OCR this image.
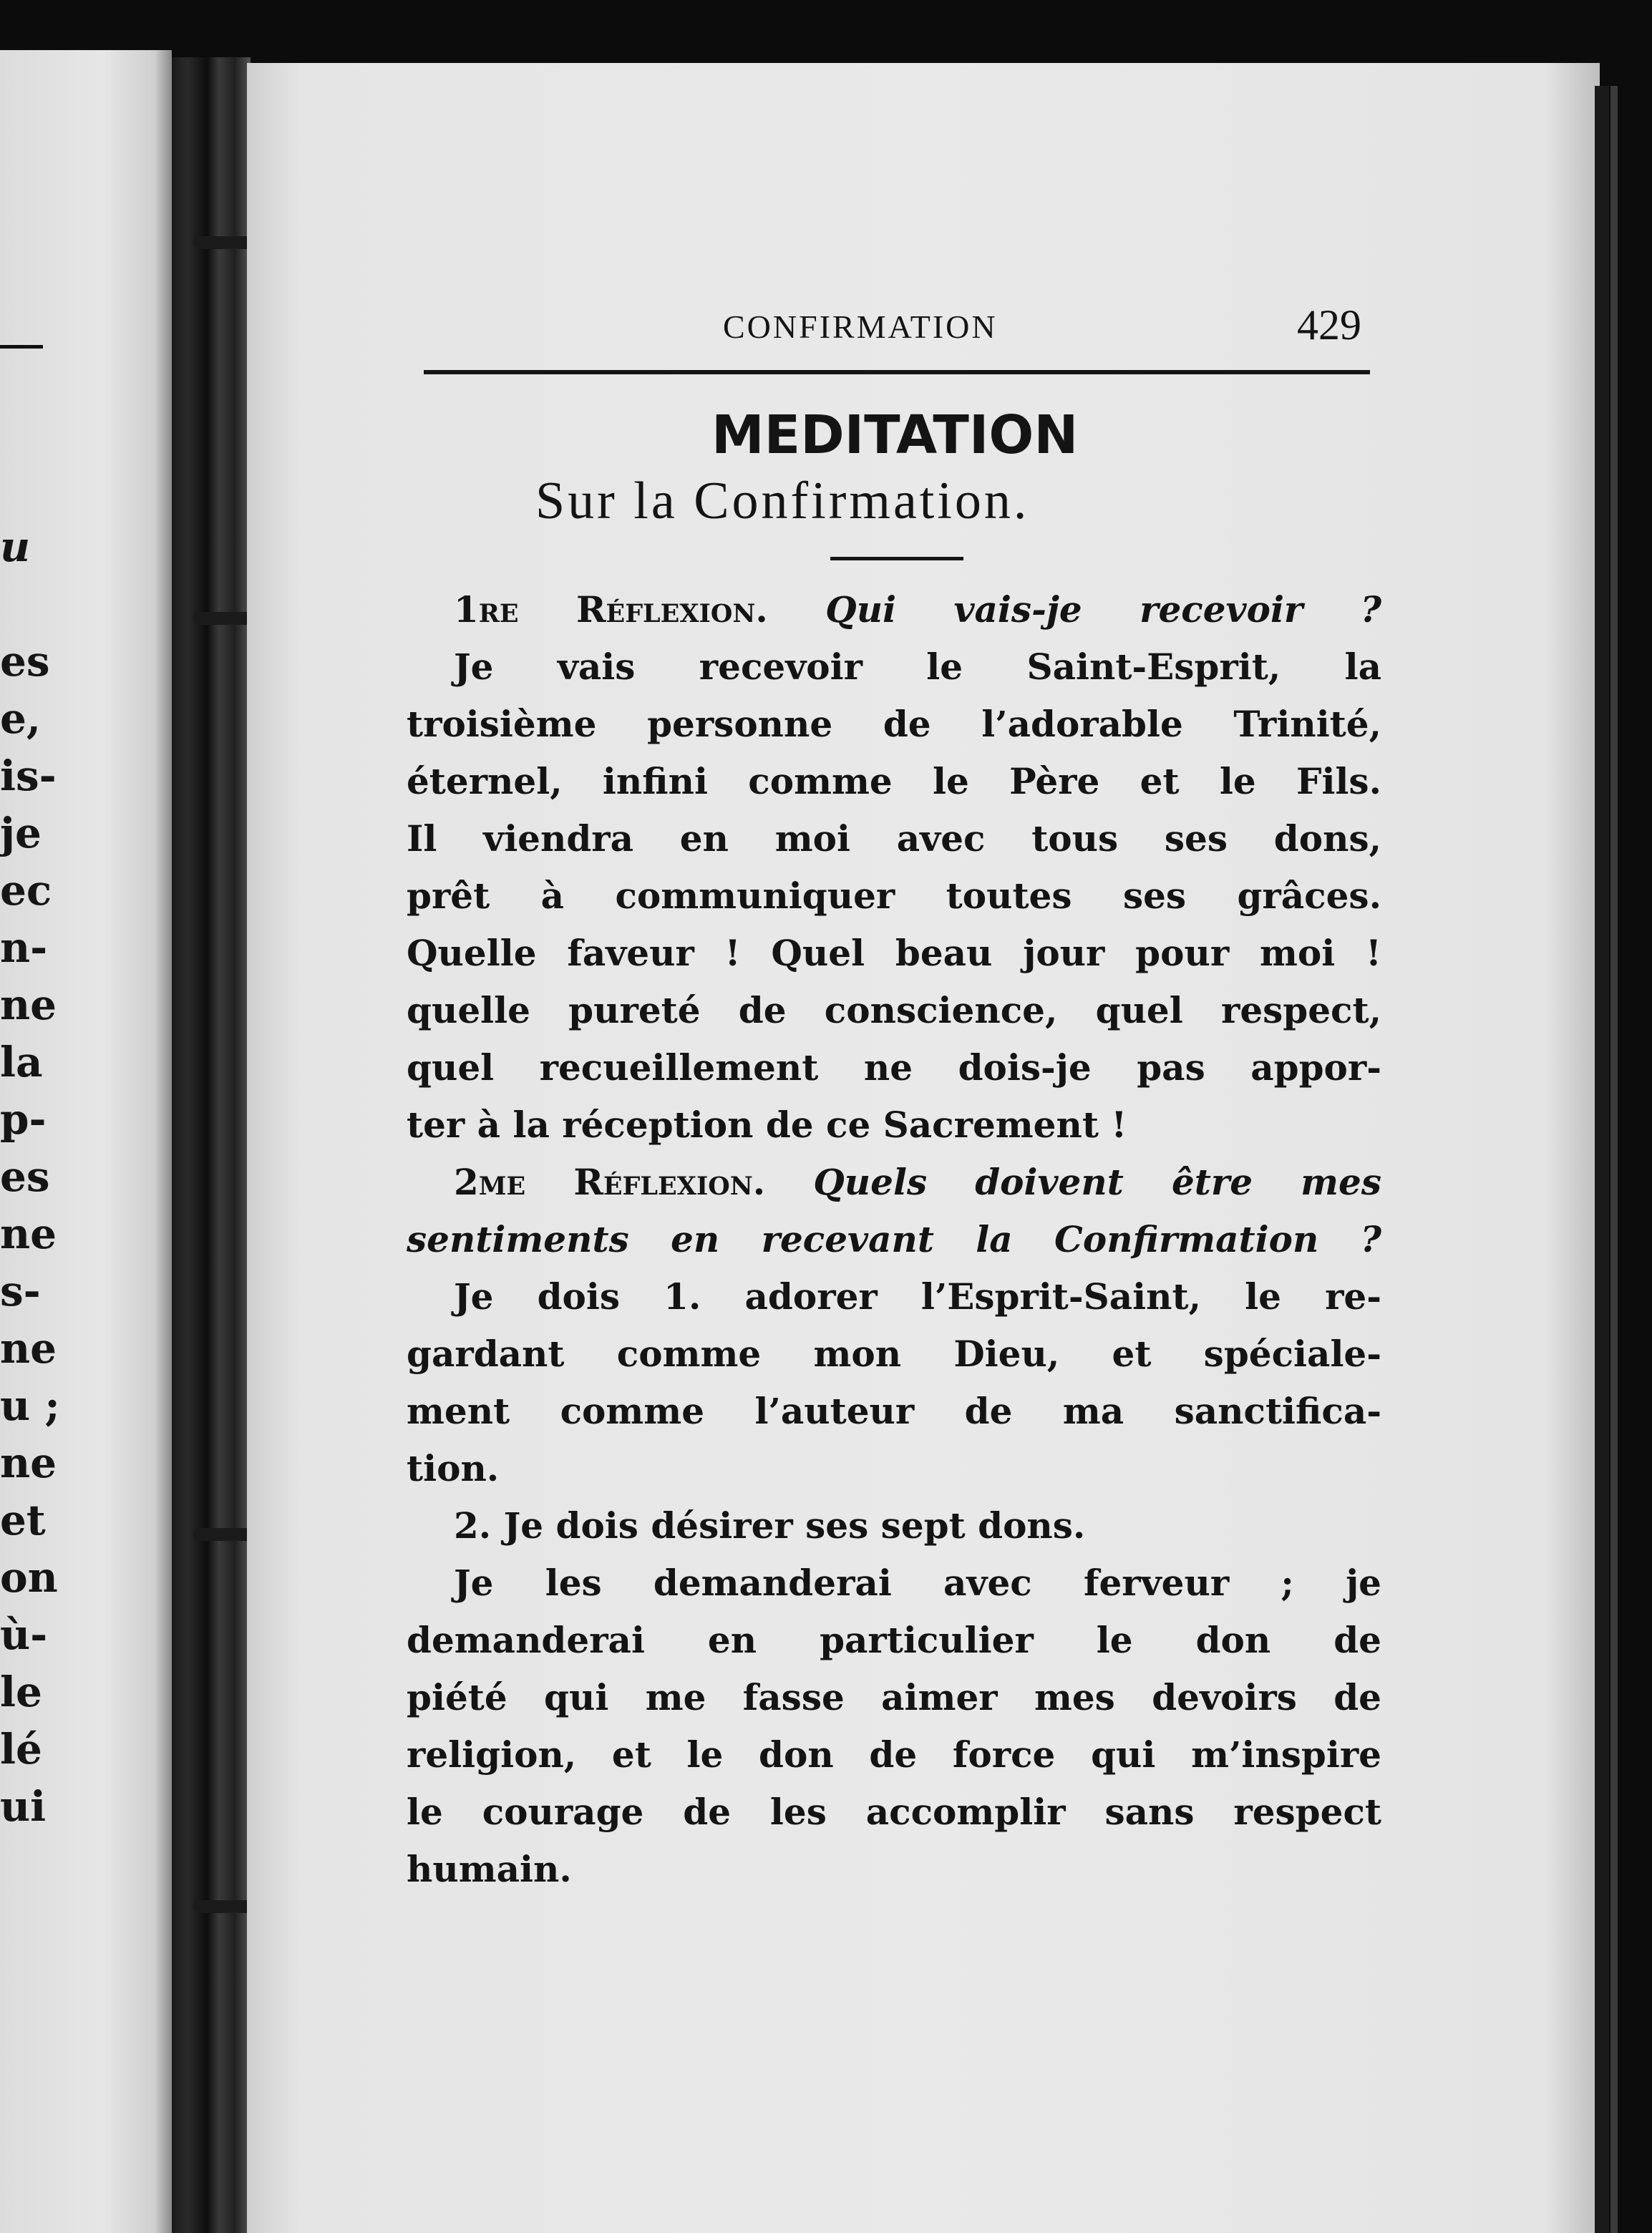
u
es
e,
is-
je
ec
n-
ne
la
p-
es
ne
s-
ne
u ;
ne
et
on
ù-
le
lé
ui
CONFIRMATION	429
MEDITATION
Sur la Confirmation.
1re Réflexion. Qui vais-je recevoir ?
Je vais recevoir le Saint-Esprit, la
troisième personne de l’adorable Trinité,
éternel, infini comme le Père et le Fils.
Il viendra en moi avec tous ses dons,
prêt à communiquer toutes ses grâces.
Quelle faveur ! Quel beau jour pour moi !
quelle pureté de conscience, quel respect,
quel recueillement ne dois-je pas appor-
ter à la réception de ce Sacrement !
2me Réflexion. Quels doivent être mes
sentiments en recevant la Confirmation ?
Je dois 1. adorer l’Esprit-Saint, le re-
gardant comme mon Dieu, et spéciale-
ment comme l’auteur de ma sanctifica-
tion.
2. Je dois désirer ses sept dons.
Je les demanderai avec ferveur ; je
demanderai en particulier le don de
piété qui me fasse aimer mes devoirs de
religion, et le don de force qui m’inspire
le courage de les accomplir sans respect
humain.
